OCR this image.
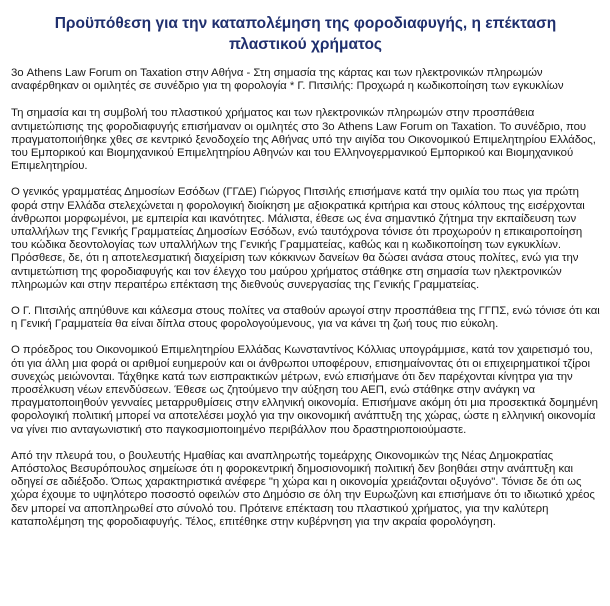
Προϋπόθεση για την καταπολέμηση της φοροδιαφυγής, η επέκταση πλαστικού χρήματος

3ο Athens Law Forum on Taxation στην Αθήνα - Στη σημασία της κάρτας και των ηλεκτρονικών πληρωμών αναφέρθηκαν οι ομιλητές σε συνέδριο για τη φορολογία * Γ. Πιτσιλής: Προχωρά η κωδικοποίηση των εγκυκλίων

Τη σημασία και τη συμβολή του πλαστικού χρήματος και των ηλεκτρονικών πληρωμών στην προσπάθεια αντιμετώπισης της φοροδιαφυγής επισήμαναν οι ομιλητές στο 3ο Athens Law Forum on Taxation. Το συνέδριο, που πραγματοποιήθηκε χθες σε κεντρικό ξενοδοχείο της Αθήνας υπό την αιγίδα του Οικονομικού Επιμελητηρίου Ελλάδος, του Εμπορικού και Βιομηχανικού Επιμελητηρίου Αθηνών και του Ελληνογερμανικού Εμπορικού και Βιομηχανικού Επιμελητηρίου.

Ο γενικός γραμματέας Δημοσίων Εσόδων (ΓΓΔΕ) Γιώργος Πιτσιλής επισήμανε κατά την ομιλία του πως για πρώτη φορά στην Ελλάδα στελεχώνεται η φορολογική διοίκηση με αξιοκρατικά κριτήρια και στους κόλπους της εισέρχονται άνθρωποι μορφωμένοι, με εμπειρία και ικανότητες. Μάλιστα, έθεσε ως ένα σημαντικό ζήτημα την εκπαίδευση των υπαλλήλων της Γενικής Γραμματείας Δημοσίων Εσόδων, ενώ ταυτόχρονα τόνισε ότι προχωρούν η επικαιροποίηση του κώδικα δεοντολογίας των υπαλλήλων της Γενικής Γραμματείας, καθώς και η κωδικοποίηση των εγκυκλίων. Πρόσθεσε, δε, ότι η αποτελεσματική διαχείριση των κόκκινων δανείων θα δώσει ανάσα στους πολίτες, ενώ για την αντιμετώπιση της φοροδιαφυγής και τον έλεγχο του μαύρου χρήματος στάθηκε στη σημασία των ηλεκτρονικών πληρωμών και στην περαιτέρω επέκταση της διεθνούς συνεργασίας της Γενικής Γραμματείας.

Ο Γ. Πιτσιλής απηύθυνε και κάλεσμα στους πολίτες να σταθούν αρωγοί στην προσπάθεια της ΓΓΠΣ, ενώ τόνισε ότι και η Γενική Γραμματεία θα είναι δίπλα στους φορολογούμενους, για να κάνει τη ζωή τους πιο εύκολη.

Ο πρόεδρος του Οικονομικού Επιμελητηρίου Ελλάδας Κωνσταντίνος Κόλλιας υπογράμμισε, κατά τον χαιρετισμό του, ότι για άλλη μια φορά οι αριθμοί ευημερούν και οι άνθρωποι υποφέρουν, επισημαίνοντας ότι οι επιχειρηματικοί τζίροι συνεχώς μειώνονται. Τάχθηκε κατά των εισπρακτικών μέτρων, ενώ επισήμανε ότι δεν παρέχονται κίνητρα για την προσέλκυση νέων επενδύσεων. Έθεσε ως ζητούμενο την αύξηση του ΑΕΠ, ενώ στάθηκε στην ανάγκη να πραγματοποιηθούν γενναίες μεταρρυθμίσεις στην ελληνική οικονομία. Επισήμανε ακόμη ότι μια προσεκτικά δομημένη φορολογική πολιτική μπορεί να αποτελέσει μοχλό για την οικονομική ανάπτυξη της χώρας, ώστε η ελληνική οικονομία να γίνει πιο ανταγωνιστική στο παγκοσμιοποιημένο περιβάλλον που δραστηριοποιούμαστε.

Από την πλευρά του, ο βουλευτής Ημαθίας και αναπληρωτής τομεάρχης Οικονομικών της Νέας Δημοκρατίας Απόστολος Βεσυρόπουλος σημείωσε ότι η φοροκεντρική δημοσιονομική πολιτική δεν βοηθάει στην ανάπτυξη και οδηγεί σε αδιέξοδο. Όπως χαρακτηριστικά ανέφερε "η χώρα και η οικονομία χρειάζονται οξυγόνο". Τόνισε δε ότι ως χώρα έχουμε το υψηλότερο ποσοστό οφειλών στο Δημόσιο σε όλη την Ευρωζώνη και επισήμανε ότι το ιδιωτικό χρέος δεν μπορεί να αποπληρωθεί στο σύνολό του. Πρότεινε επέκταση του πλαστικού χρήματος, για την καλύτερη καταπολέμηση της φοροδιαφυγής. Τέλος, επιτέθηκε στην κυβέρνηση για την ακραία φορολόγηση.
